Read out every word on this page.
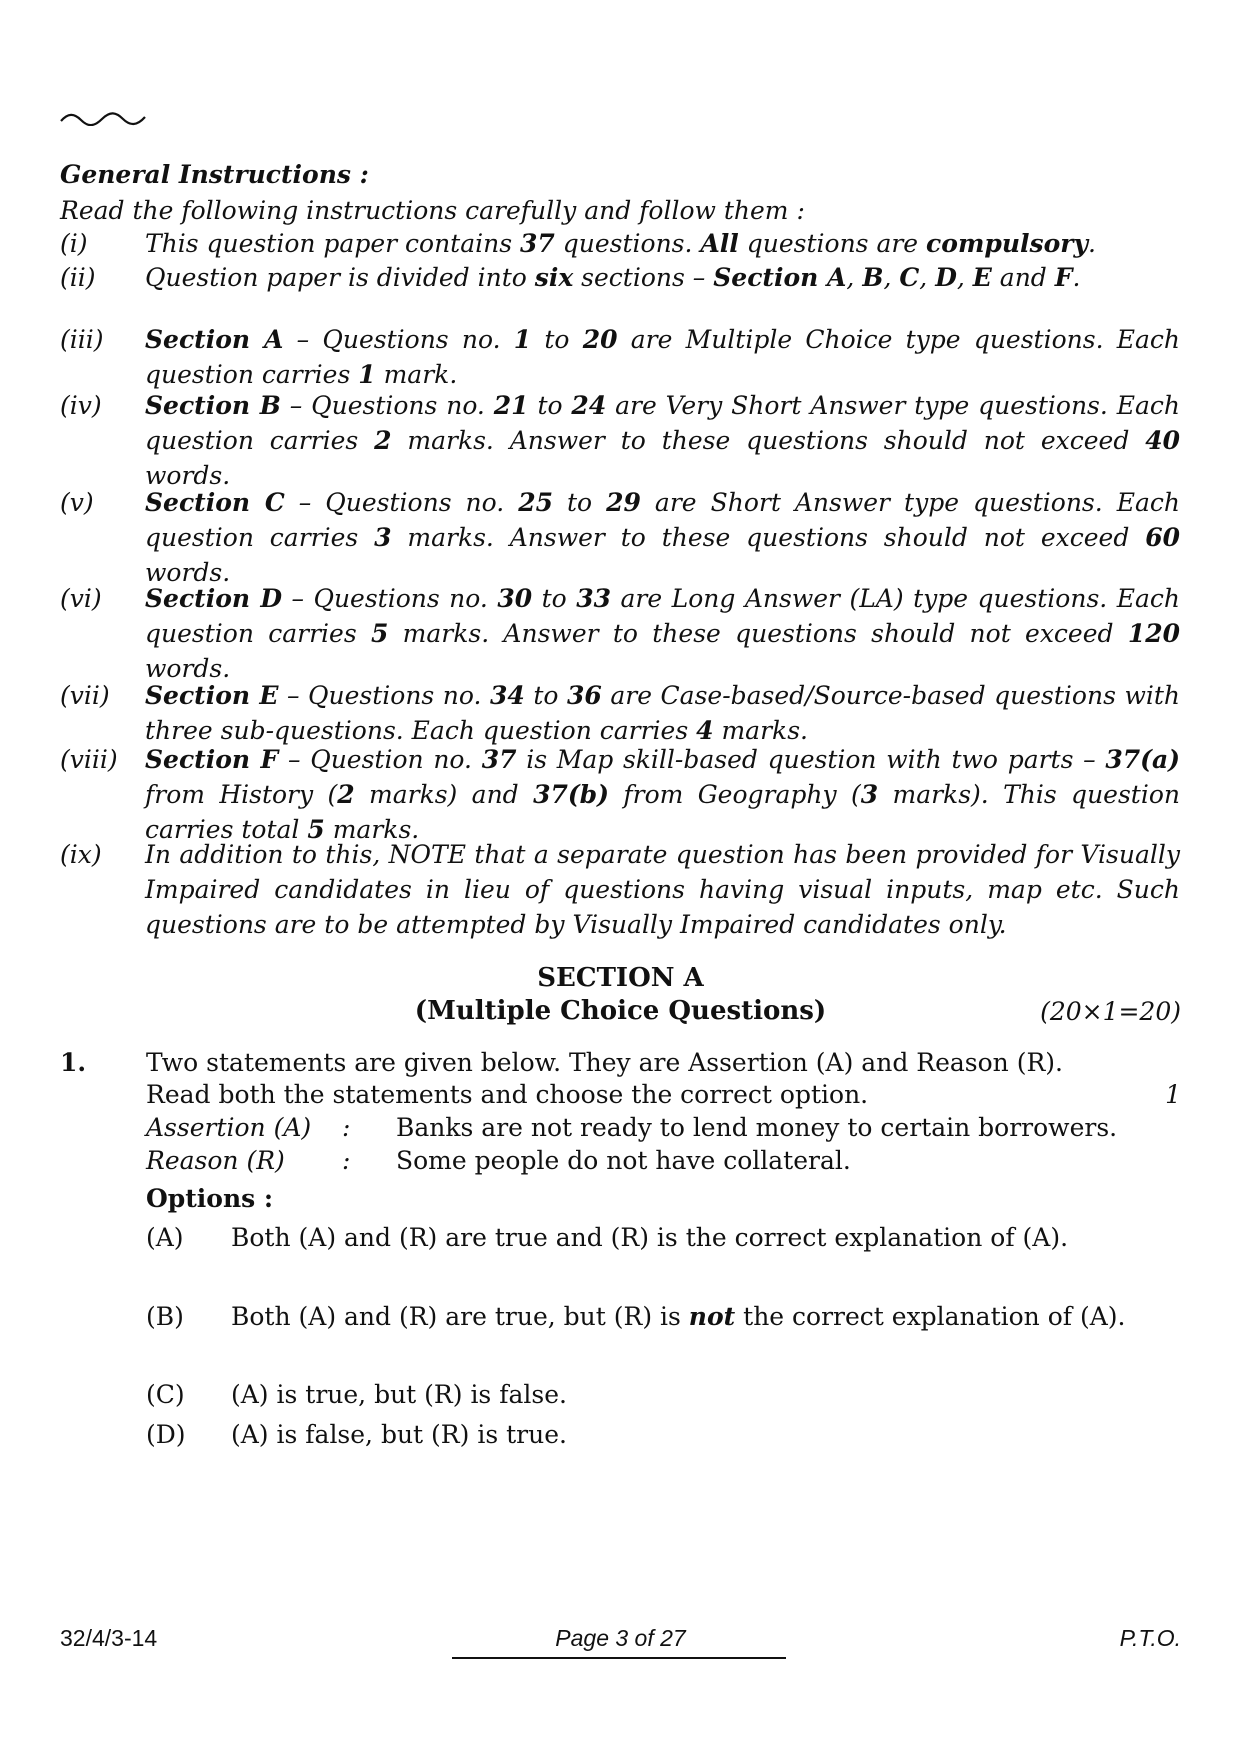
General Instructions :
Read the following instructions carefully and follow them :
(i) This question paper contains 37 questions. All questions are compulsory.
(ii) Question paper is divided into six sections – Section A, B, C, D, E and F.
(iii) Section A – Questions no. 1 to 20 are Multiple Choice type questions. Each question carries 1 mark.
(iv) Section B – Questions no. 21 to 24 are Very Short Answer type questions. Each question carries 2 marks. Answer to these questions should not exceed 40 words.
(v) Section C – Questions no. 25 to 29 are Short Answer type questions. Each question carries 3 marks. Answer to these questions should not exceed 60 words.
(vi) Section D – Questions no. 30 to 33 are Long Answer (LA) type questions. Each question carries 5 marks. Answer to these questions should not exceed 120 words.
(vii) Section E – Questions no. 34 to 36 are Case-based/Source-based questions with three sub-questions. Each question carries 4 marks.
(viii) Section F – Question no. 37 is Map skill-based question with two parts – 37(a) from History (2 marks) and 37(b) from Geography (3 marks). This question carries total 5 marks.
(ix) In addition to this, NOTE that a separate question has been provided for Visually Impaired candidates in lieu of questions having visual inputs, map etc. Such questions are to be attempted by Visually Impaired candidates only.
SECTION A
(Multiple Choice Questions)	(20×1=20)
1. Two statements are given below. They are Assertion (A) and Reason (R).
Read both the statements and choose the correct option.	1
Assertion (A) : Banks are not ready to lend money to certain borrowers.
Reason (R) : Some people do not have collateral.
Options :
(A) Both (A) and (R) are true and (R) is the correct explanation of (A).
(B) Both (A) and (R) are true, but (R) is not the correct explanation of (A).
(C) (A) is true, but (R) is false.
(D) (A) is false, but (R) is true.
32/4/3-14	Page 3 of 27	P.T.O.
